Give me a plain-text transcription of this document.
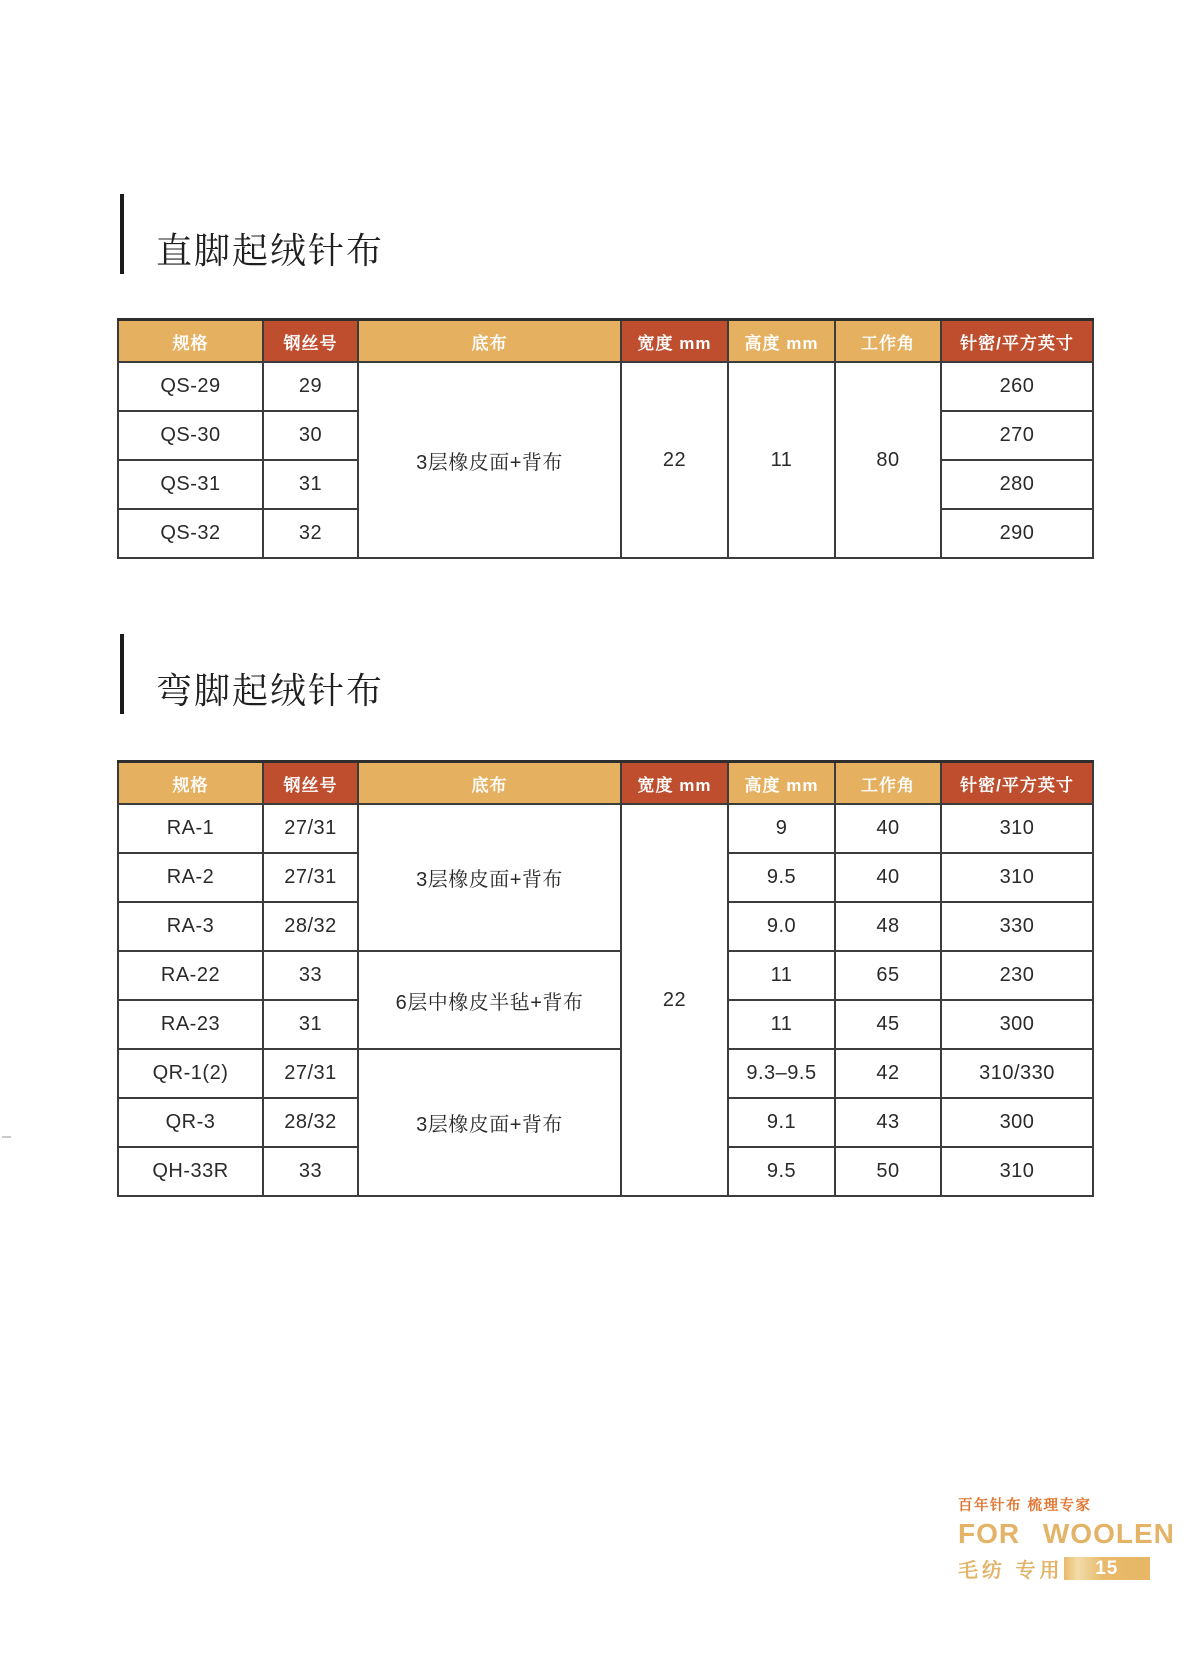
直脚起绒针布
规格	钢丝号	底布	宽度 mm	高度 mm	工作角	针密/平方英寸
QS-29	29	3层橡皮面+背布	22	11	80	260
QS-30	30					270
QS-31	31					280
QS-32	32					290
弯脚起绒针布
规格	钢丝号	底布	宽度 mm	高度 mm	工作角	针密/平方英寸
RA-1	27/31	3层橡皮面+背布	22	9	40	310
RA-2	27/31			9.5	40	310
RA-3	28/32			9.0	48	330
RA-22	33	6层中橡皮半毡+背布		11	65	230
RA-23	31			11	45	300
QR-1(2)	27/31	3层橡皮面+背布		9.3–9.5	42	310/330
QR-3	28/32			9.1	43	300
QH-33R	33			9.5	50	310
百年针布 梳理专家
FOR WOOLEN
毛纺 专用 15
